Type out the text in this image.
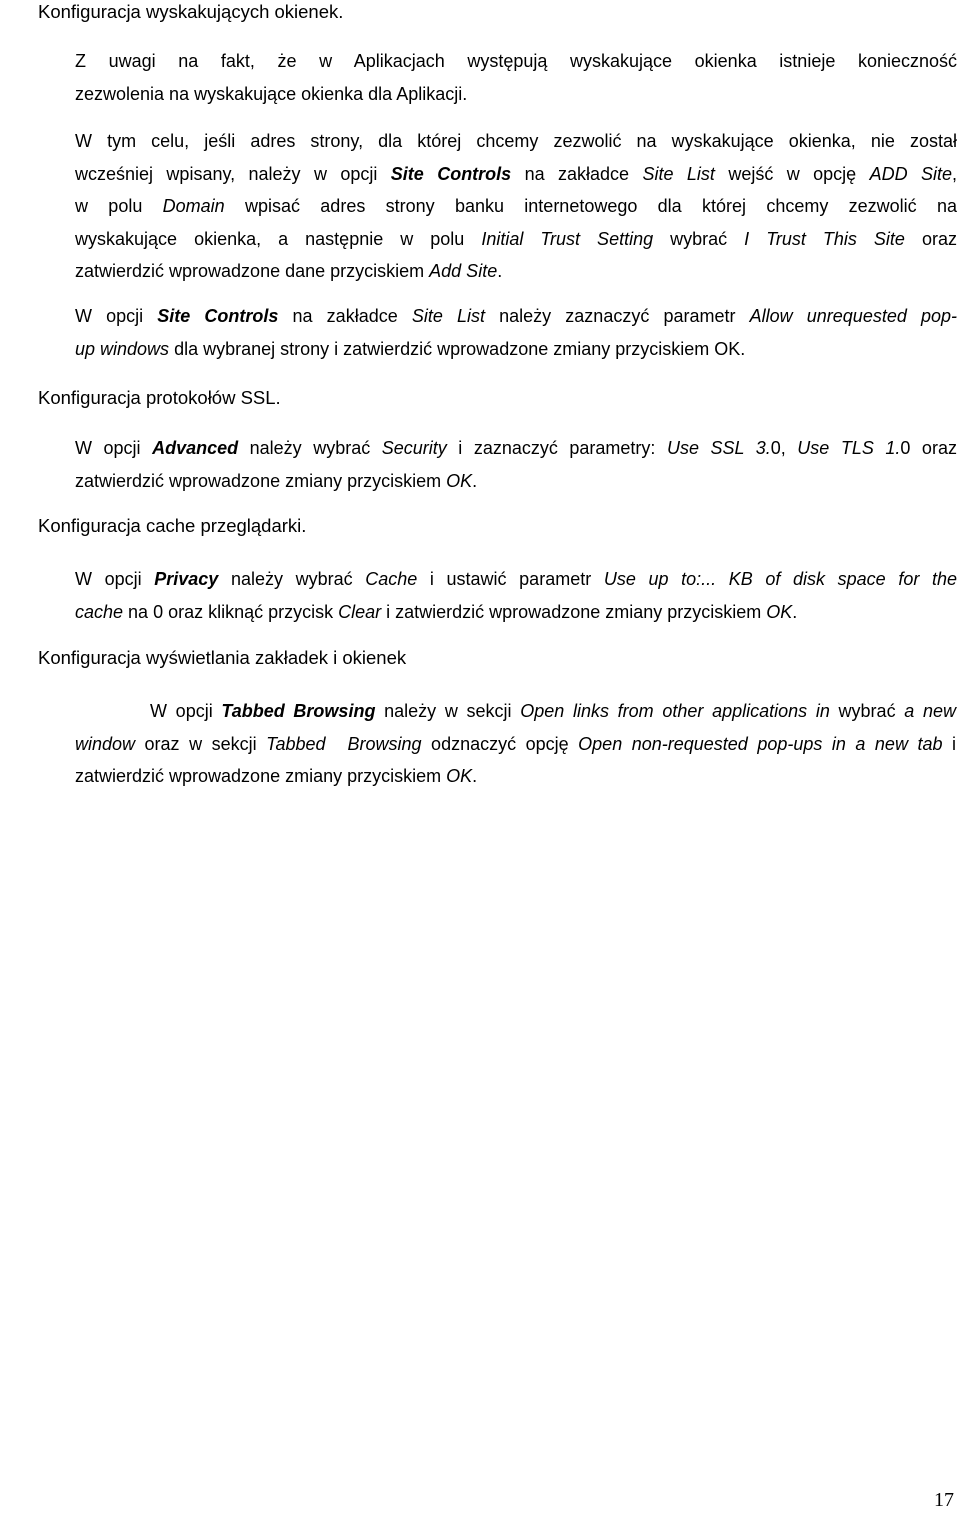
Konfiguracja wyskakujących okienek.

Z uwagi na fakt, że w Aplikacjach występują wyskakujące okienka istnieje konieczność
zezwolenia na wyskakujące okienka dla Aplikacji.

W tym celu, jeśli adres strony, dla której chcemy zezwolić na wyskakujące okienka, nie został
wcześniej wpisany, należy w opcji Site Controls na zakładce Site List wejść w opcję ADD Site,
w polu Domain wpisać adres strony banku internetowego dla której chcemy zezwolić na
wyskakujące okienka, a następnie w polu Initial Trust Setting wybrać I Trust This Site oraz
zatwierdzić wprowadzone dane przyciskiem Add Site.

W opcji Site Controls na zakładce Site List należy zaznaczyć parametr Allow unrequested pop-
up windows dla wybranej strony i zatwierdzić wprowadzone zmiany przyciskiem OK.

Konfiguracja protokołów SSL.

W opcji Advanced należy wybrać Security i zaznaczyć parametry: Use SSL 3.0, Use TLS 1.0 oraz
zatwierdzić wprowadzone zmiany przyciskiem OK.

Konfiguracja cache przeglądarki.

W opcji Privacy należy wybrać Cache i ustawić parametr Use up to:... KB of disk space for the
cache na 0 oraz kliknąć przycisk Clear i zatwierdzić wprowadzone zmiany przyciskiem OK.

Konfiguracja wyświetlania zakładek i okienek

W opcji Tabbed Browsing należy w sekcji Open links from other applications in wybrać a new
window oraz w sekcji Tabbed Browsing odznaczyć opcję Open non-requested pop-ups in a new tab i
zatwierdzić wprowadzone zmiany przyciskiem OK.

17
